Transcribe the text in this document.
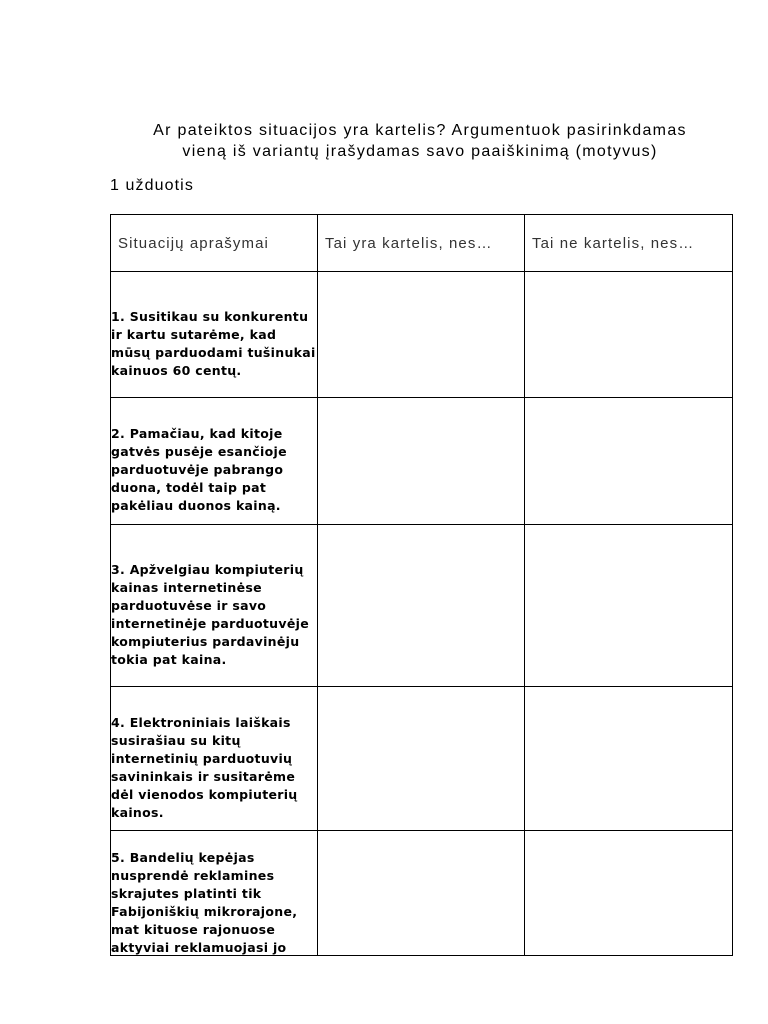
Ar pateiktos situacijos yra kartelis? Argumentuok pasirinkdamas
vieną iš variantų įrašydamas savo paaiškinimą (motyvus)
1 užduotis
Situacijų aprašymai	Tai yra kartelis, nes…	Tai ne kartelis, nes…

1. Susitikau su konkurentu ir kartu sutarėme, kad mūsų parduodami tušinukai kainuos 60 centų.		

2. Pamačiau, kad kitoje gatvės pusėje esančioje parduotuvėje pabrango duona, todėl taip pat pakėliau duonos kainą.		

3. Apžvelgiau kompiuterių kainas internetinėse parduotuvėse ir savo internetinėje parduotuvėje kompiuterius pardavinėju tokia pat kaina.		

4. Elektroniniais laiškais susirašiau su kitų internetinių parduotuvių savininkais ir susitarėme dėl vienodos kompiuterių kainos.		

5. Bandelių kepėjas nusprendė reklamines skrajutes platinti tik Fabijoniškių mikrorajone, mat kituose rajonuose aktyviai reklamuojasi jo		
